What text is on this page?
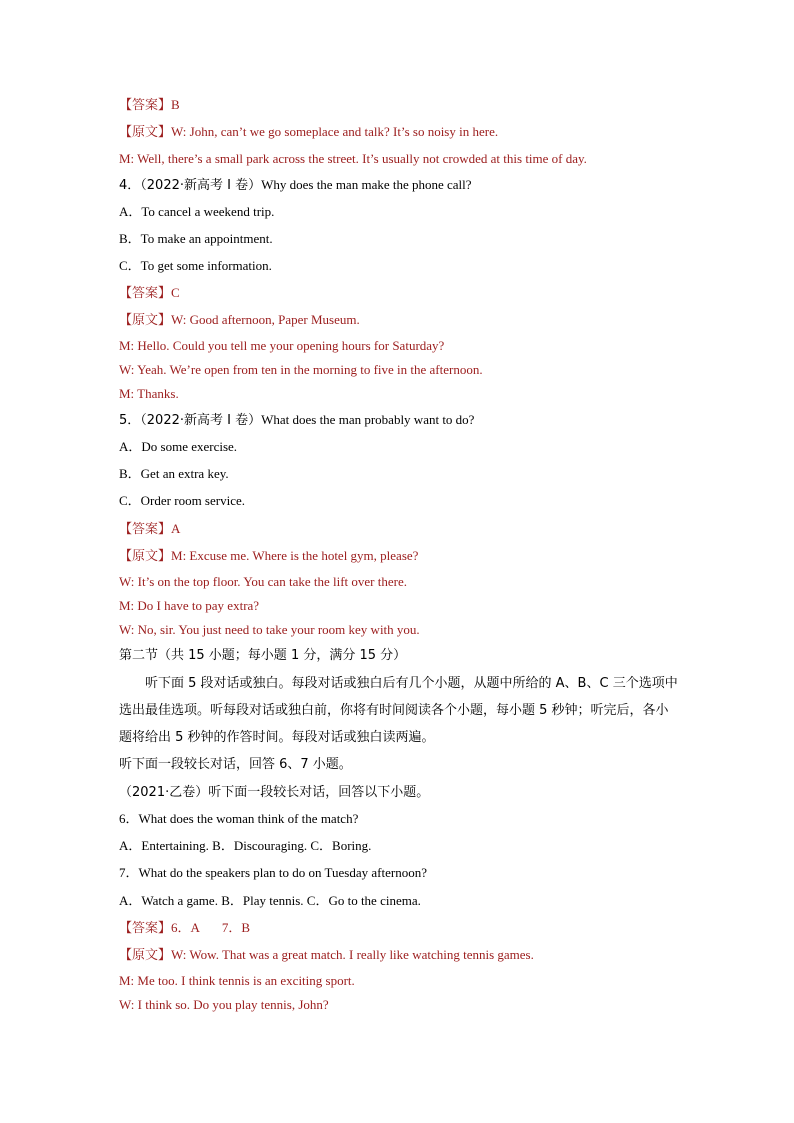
【答案】B
【原文】W: John, can’t we go someplace and talk? It’s so noisy in here.
M: Well, there’s a small park across the street. It’s usually not crowded at this time of day.
4．（2022·新高考 I 卷）Why does the man make the phone call?
A．To cancel a weekend trip.
B．To make an appointment.
C．To get some information.
【答案】C
【原文】W: Good afternoon, Paper Museum.
M: Hello. Could you tell me your opening hours for Saturday?
W: Yeah. We’re open from ten in the morning to five in the afternoon.
M: Thanks.
5．（2022·新高考 I 卷）What does the man probably want to do?
A．Do some exercise.
B．Get an extra key.
C．Order room service.
【答案】A
【原文】M: Excuse me. Where is the hotel gym, please?
W: It’s on the top floor. You can take the lift over there.
M: Do I have to pay extra?
W: No, sir. You just need to take your room key with you.
第二节（共 15 小题；每小题 1 分，满分 15 分）
听下面 5 段对话或独白。每段对话或独白后有几个小题，从题中所给的 A、B、C 三个选项中选出最佳选项。听每段对话或独白前，你将有时间阅读各个小题，每小题 5 秒钟；听完后，各小题将给出 5 秒钟的作答时间。每段对话或独白读两遍。
听下面一段较长对话，回答 6、7 小题。
（2021·乙卷）听下面一段较长对话，回答以下小题。
6．What does the woman think of the match?
A．Entertaining. B．Discouraging. C．Boring.
7．What do the speakers plan to do on Tuesday afternoon?
A．Watch a game. B．Play tennis. C．Go to the cinema.
【答案】6．A       7．B
【原文】W: Wow. That was a great match. I really like watching tennis games.
M: Me too. I think tennis is an exciting sport.
W: I think so. Do you play tennis, John?
